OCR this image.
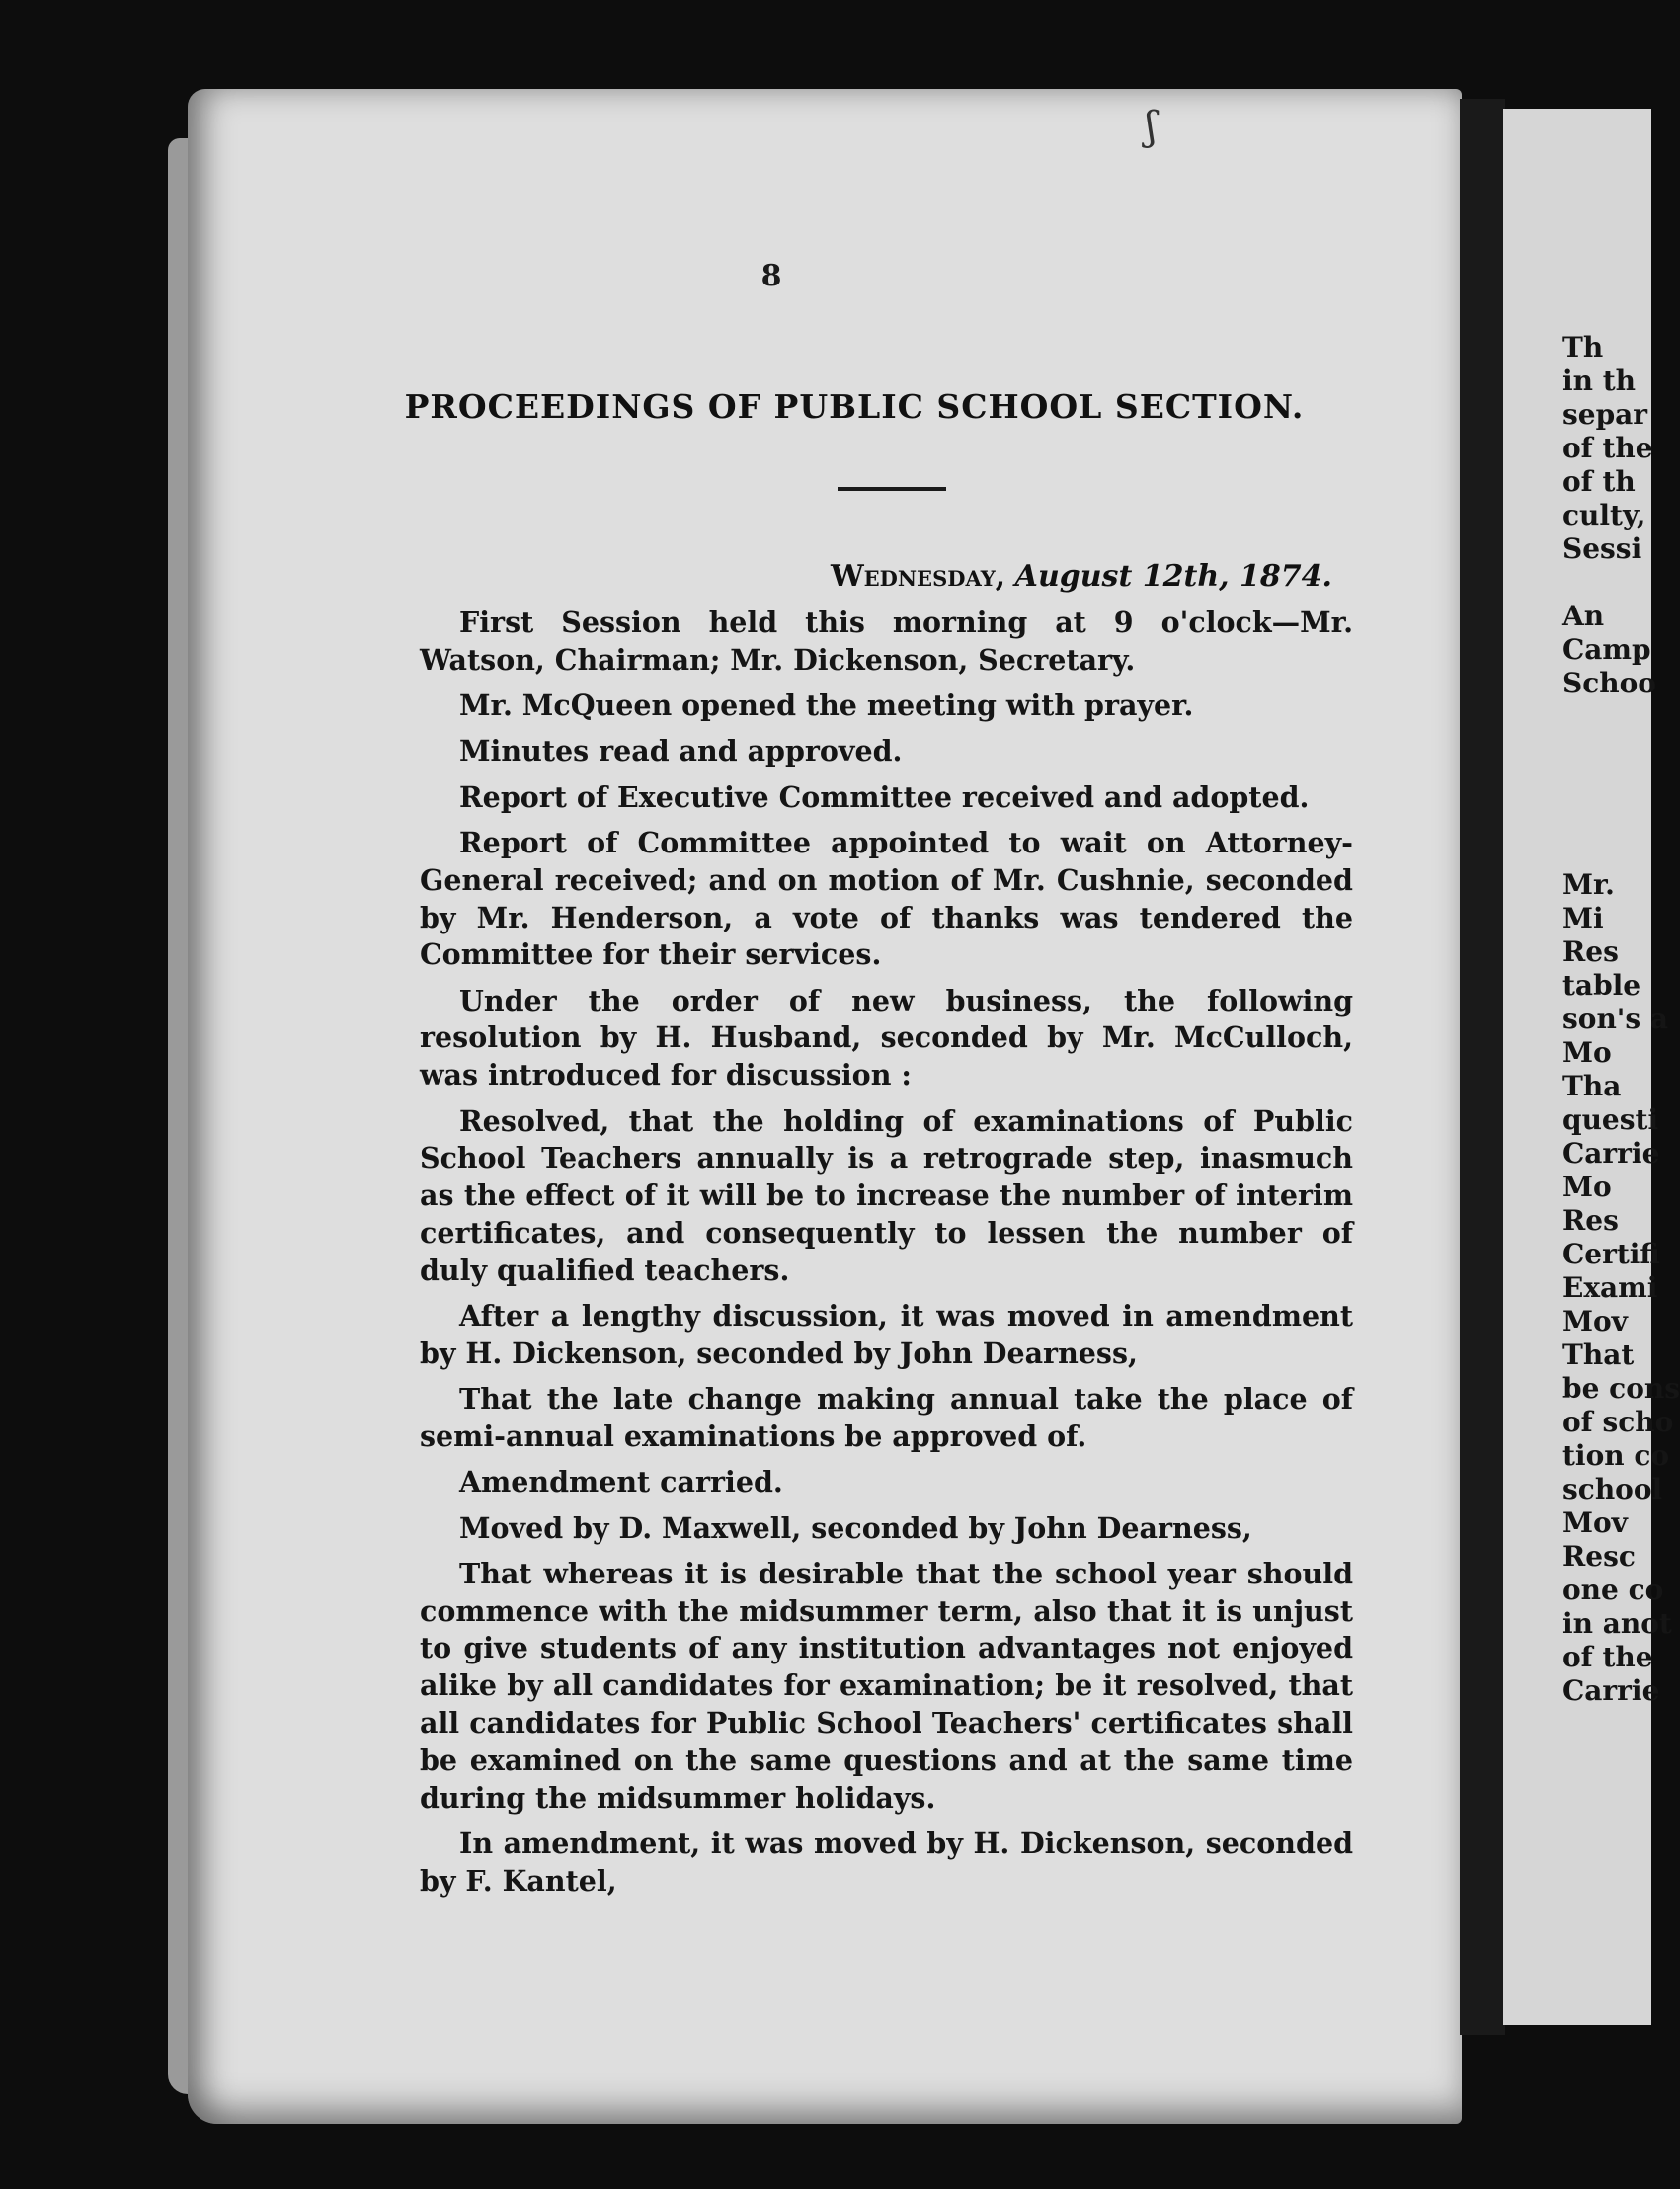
ʃ
8
PROCEEDINGS OF PUBLIC SCHOOL SECTION.
Wednesday, August 12th, 1874.

First Session held this morning at 9 o'clock—Mr. Watson, Chairman; Mr. Dickenson, Secretary.

Mr. McQueen opened the meeting with prayer.

Minutes read and approved.

Report of Executive Committee received and adopted.

Report of Committee appointed to wait on Attorney-General received; and on motion of Mr. Cushnie, seconded by Mr. Henderson, a vote of thanks was tendered the Committee for their services.

Under the order of new business, the following resolution by H. Husband, seconded by Mr. McCulloch, was introduced for discussion :

Resolved, that the holding of examinations of Public School Teachers annually is a retrograde step, inasmuch as the effect of it will be to increase the number of interim certificates, and consequently to lessen the number of duly qualified teachers.

After a lengthy discussion, it was moved in amendment by H. Dickenson, seconded by John Dearness,

That the late change making annual take the place of semi-annual examinations be approved of.

Amendment carried.

Moved by D. Maxwell, seconded by John Dearness,

That whereas it is desirable that the school year should commence with the midsummer term, also that it is unjust to give students of any institution advantages not enjoyed alike by all candidates for examination; be it resolved, that all candidates for Public School Teachers' certificates shall be examined on the same questions and at the same time during the midsummer holidays.

In amendment, it was moved by H. Dickenson, seconded by F. Kantel,

Th
in th
separ
of the
of th
culty,
Sessi
An
Camp
Schoo
Mr.
Mi
Res
table
son's a
Mo
Tha
questi
Carrie
Mo
Res
Certifi
Exami
Mov
That
be cons
of scho
tion co
school
Mov
Resc
one co
in anot
of the
Carrie
